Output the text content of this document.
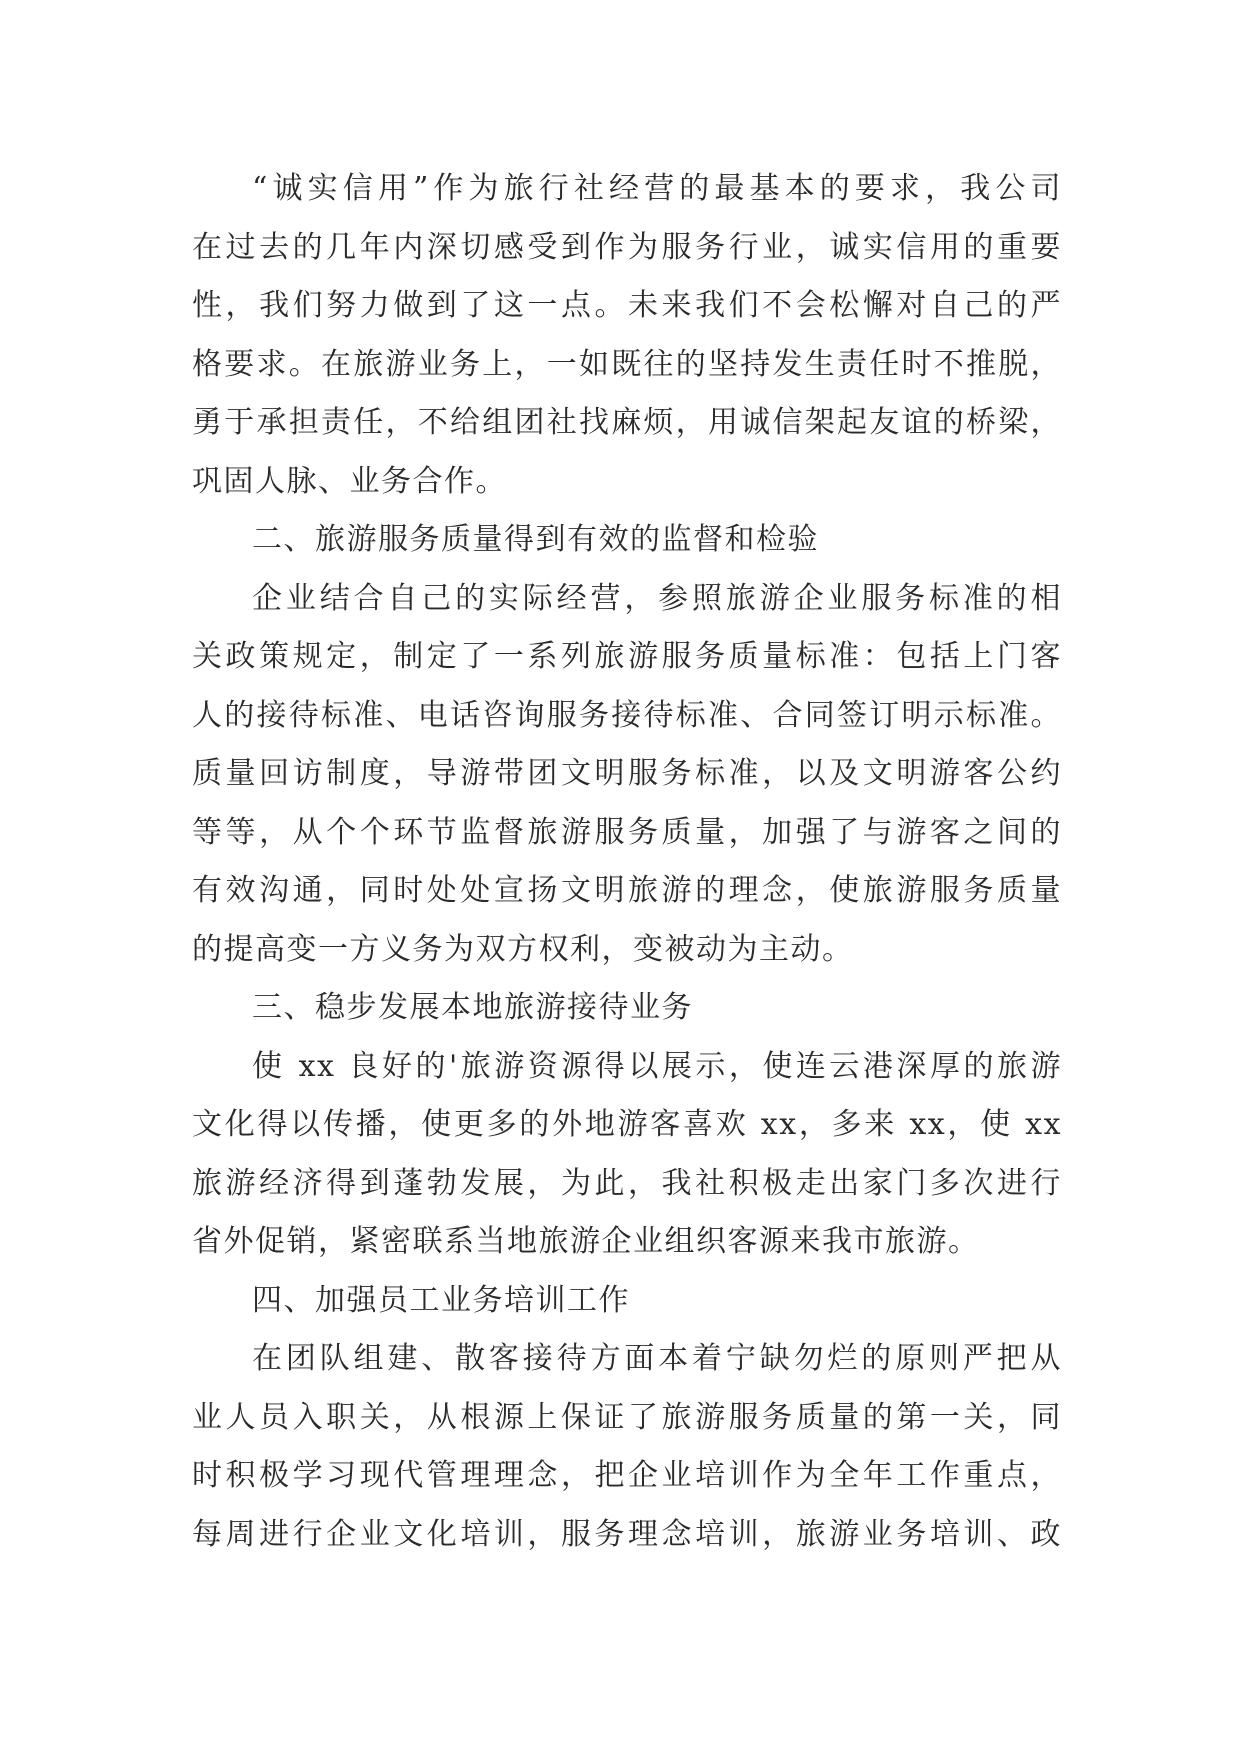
“诚实信用”作为旅行社经营的最基本的要求，我公司
在过去的几年内深切感受到作为服务行业，诚实信用的重要
性，我们努力做到了这一点。未来我们不会松懈对自己的严
格要求。在旅游业务上，一如既往的坚持发生责任时不推脱，
勇于承担责任，不给组团社找麻烦，用诚信架起友谊的桥梁，
巩固人脉、业务合作。
二、旅游服务质量得到有效的监督和检验
企业结合自己的实际经营，参照旅游企业服务标准的相
关政策规定，制定了一系列旅游服务质量标准：包括上门客
人的接待标准、电话咨询服务接待标准、合同签订明示标准。
质量回访制度，导游带团文明服务标准，以及文明游客公约
等等，从个个环节监督旅游服务质量，加强了与游客之间的
有效沟通，同时处处宣扬文明旅游的理念，使旅游服务质量
的提高变一方义务为双方权利，变被动为主动。
三、稳步发展本地旅游接待业务
使 xx 良好的'旅游资源得以展示，使连云港深厚的旅游
文化得以传播，使更多的外地游客喜欢 xx，多来 xx，使 xx
旅游经济得到蓬勃发展，为此，我社积极走出家门多次进行
省外促销，紧密联系当地旅游企业组织客源来我市旅游。
四、加强员工业务培训工作
在团队组建、散客接待方面本着宁缺勿烂的原则严把从
业人员入职关，从根源上保证了旅游服务质量的第一关，同
时积极学习现代管理理念，把企业培训作为全年工作重点，
每周进行企业文化培训，服务理念培训，旅游业务培训、政
